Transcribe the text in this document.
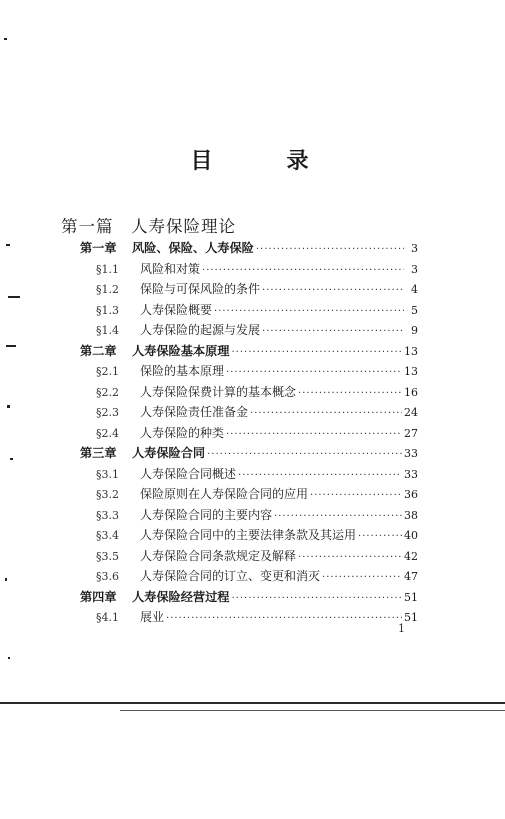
目　录
第一篇　人寿保险理论
第一章	风险、保险、人寿保险 ·····	3
§1.1	风险和对策 ·····	3
§1.2	保险与可保风险的条件 ·····	4
§1.3	人寿保险概要 ·····	5
§1.4	人寿保险的起源与发展 ·····	9
第二章	人寿保险基本原理 ·····	13
§2.1	保险的基本原理 ·····	13
§2.2	人寿保险保费计算的基本概念 ·····	16
§2.3	人寿保险责任准备金 ·····	24
§2.4	人寿保险的种类 ·····	27
第三章	人寿保险合同 ·····	33
§3.1	人寿保险合同概述 ·····	33
§3.2	保险原则在人寿保险合同的应用 ·····	36
§3.3	人寿保险合同的主要内容 ·····	38
§3.4	人寿保险合同中的主要法律条款及其运用 ·····	40
§3.5	人寿保险合同条款规定及解释 ·····	42
§3.6	人寿保险合同的订立、变更和消灭 ·····	47
第四章	人寿保险经营过程 ·····	51
§4.1	展业 ·····	51
1
